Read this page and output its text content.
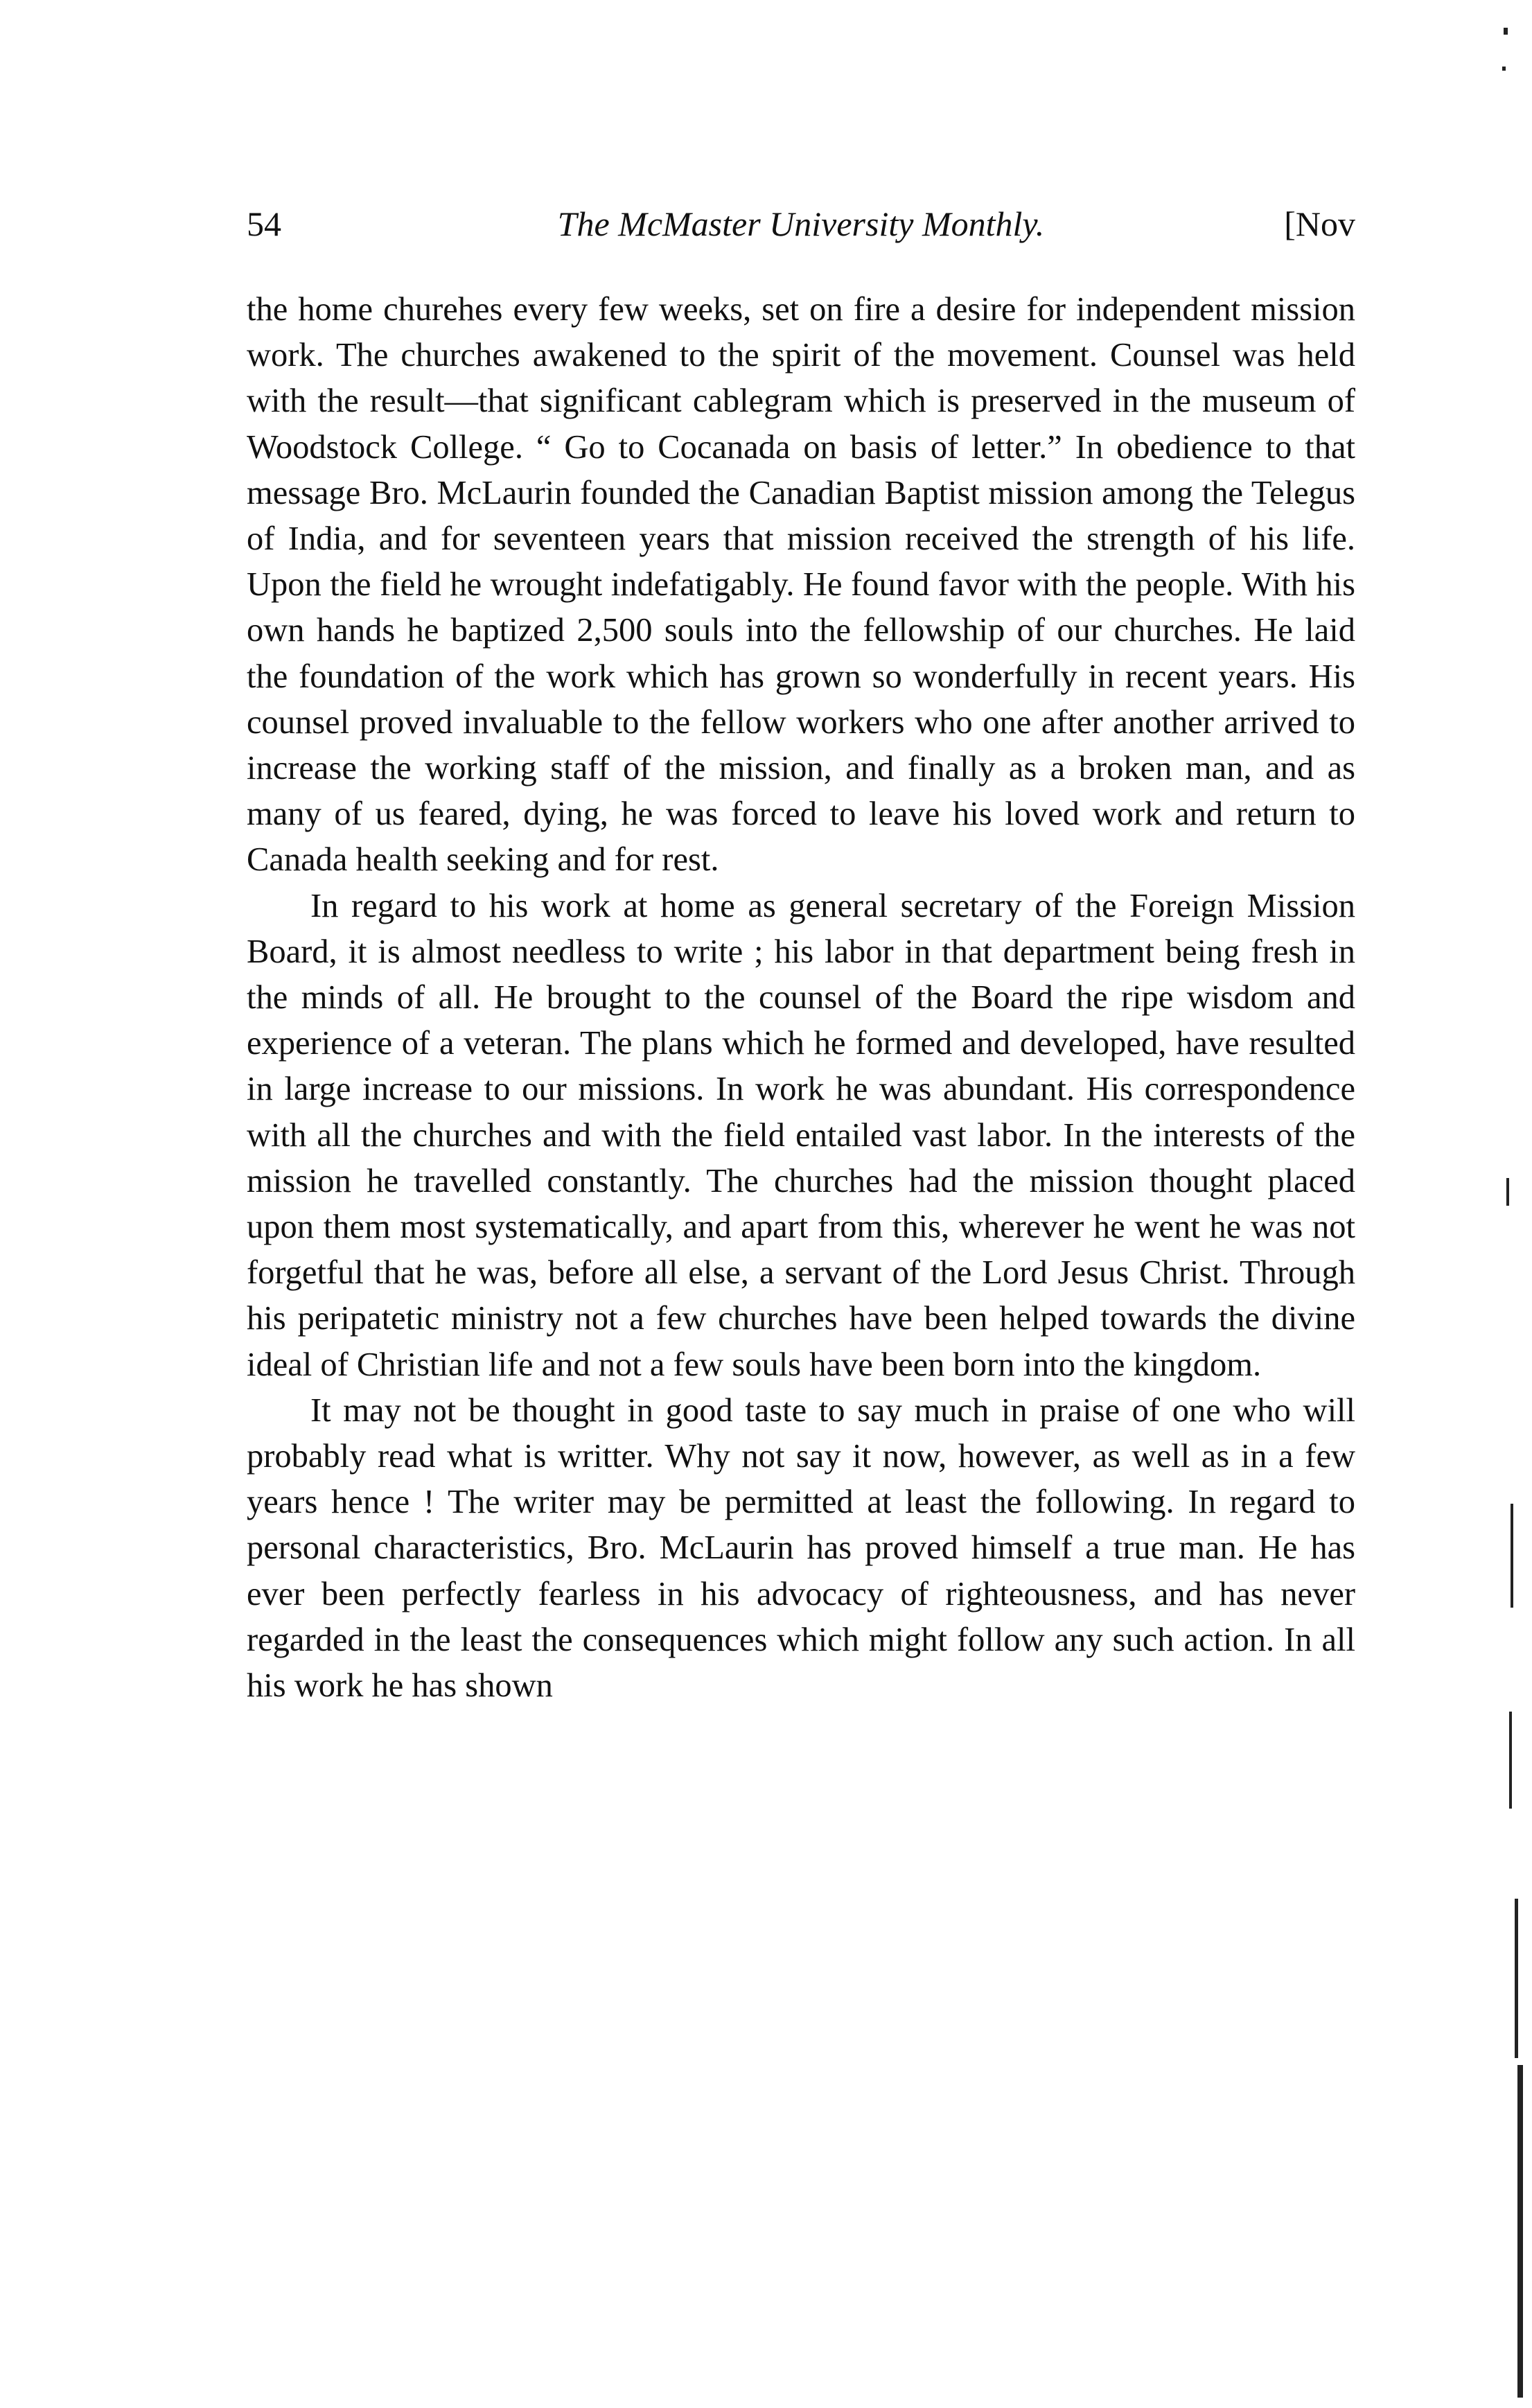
54	The McMaster University Monthly.	[Nov

the home churehes every few weeks, set on fire a desire for independent mission work. The churches awakened to the spirit of the movement. Counsel was held with the result—that significant cablegram which is preserved in the museum of Woodstock College. “ Go to Cocanada on basis of letter.” In obedience to that message Bro. McLaurin founded the Canadian Baptist mission among the Telegus of India, and for seventeen years that mission received the strength of his life. Upon the field he wrought indefatigably. He found favor with the people. With his own hands he baptized 2,500 souls into the fellowship of our churches. He laid the foundation of the work which has grown so wonderfully in recent years. His counsel proved invaluable to the fellow workers who one after another arrived to increase the working staff of the mission, and finally as a broken man, and as many of us feared, dying, he was forced to leave his loved work and return to Canada health seeking and for rest.

In regard to his work at home as general secretary of the Foreign Mission Board, it is almost needless to write ; his labor in that department being fresh in the minds of all. He brought to the counsel of the Board the ripe wisdom and experience of a veteran. The plans which he formed and developed, have resulted in large increase to our missions. In work he was abundant. His correspondence with all the churches and with the field entailed vast labor. In the interests of the mission he travelled constantly. The churches had the mission thought placed upon them most systematically, and apart from this, wherever he went he was not forgetful that he was, before all else, a servant of the Lord Jesus Christ. Through his peripatetic ministry not a few churches have been helped towards the divine ideal of Christian life and not a few souls have been born into the kingdom.

It may not be thought in good taste to say much in praise of one who will probably read what is writter. Why not say it now, however, as well as in a few years hence ! The writer may be permitted at least the following. In regard to personal characteristics, Bro. McLaurin has proved himself a true man. He has ever been perfectly fearless in his advocacy of righteousness, and has never regarded in the least the consequences which might follow any such action. In all his work he has shown
